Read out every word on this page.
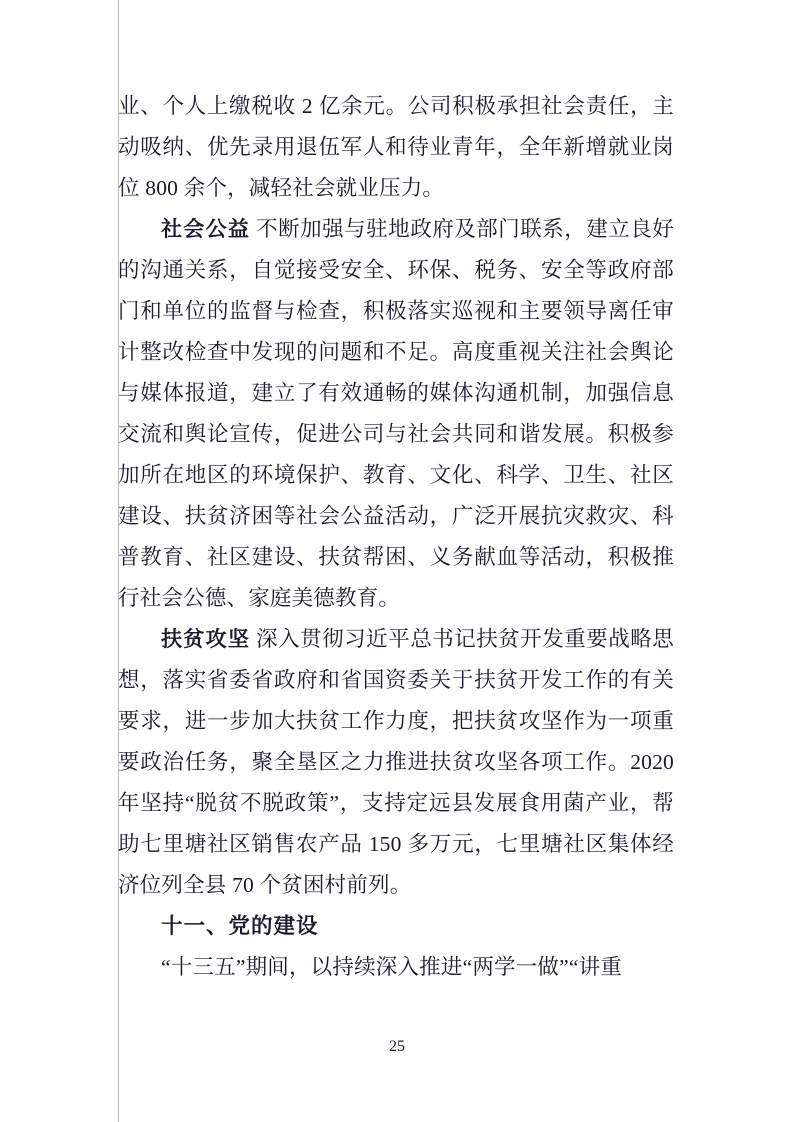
业、个人上缴税收 2 亿余元。公司积极承担社会责任，主动吸纳、优先录用退伍军人和待业青年，全年新增就业岗位 800 余个，减轻社会就业压力。

社会公益 不断加强与驻地政府及部门联系，建立良好的沟通关系，自觉接受安全、环保、税务、安全等政府部门和单位的监督与检查，积极落实巡视和主要领导离任审计整改检查中发现的问题和不足。高度重视关注社会舆论与媒体报道，建立了有效通畅的媒体沟通机制，加强信息交流和舆论宣传，促进公司与社会共同和谐发展。积极参加所在地区的环境保护、教育、文化、科学、卫生、社区建设、扶贫济困等社会公益活动，广泛开展抗灾救灾、科普教育、社区建设、扶贫帮困、义务献血等活动，积极推行社会公德、家庭美德教育。

扶贫攻坚 深入贯彻习近平总书记扶贫开发重要战略思想，落实省委省政府和省国资委关于扶贫开发工作的有关要求，进一步加大扶贫工作力度，把扶贫攻坚作为一项重要政治任务，聚全垦区之力推进扶贫攻坚各项工作。2020 年坚持“脱贫不脱政策”，支持定远县发展食用菌产业，帮助七里塘社区销售农产品 150 多万元，七里塘社区集体经济位列全县 70 个贫困村前列。

十一、党的建设

“十三五”期间，以持续深入推进“两学一做”“讲重

25
